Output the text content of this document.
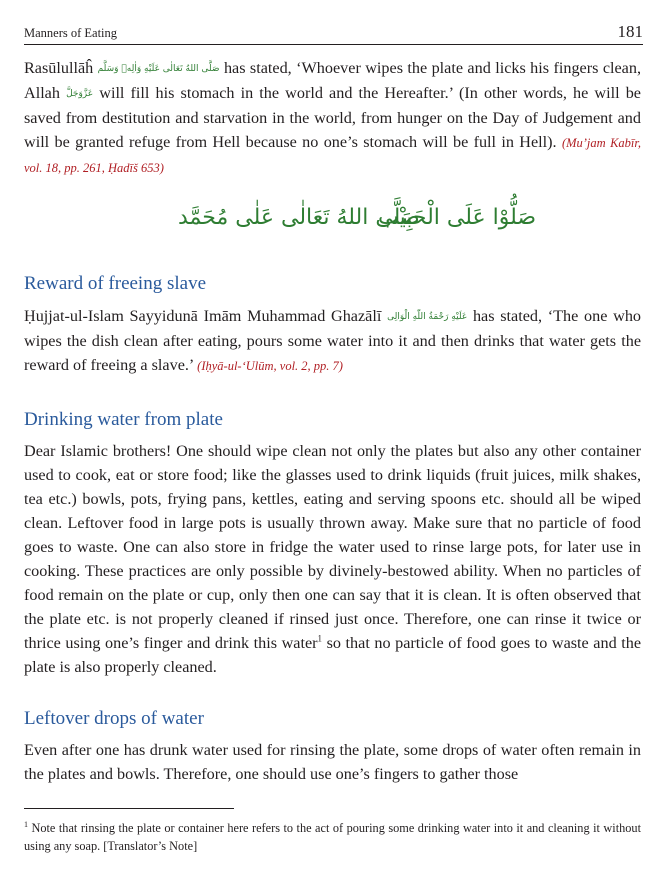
Manners of Eating	181

Rasūlullāĥ صَلَّى اللهُ تَعَالٰى عَلَيْهِ وَاٰلِهٖ وَسَلَّم has stated, ‘Whoever wipes the plate and licks his fingers clean, Allah عَزَّوَجَلَّ will fill his stomach in the world and the Hereafter.’ (In other words, he will be saved from destitution and starvation in the world, from hunger on the Day of Judgement and will be granted refuge from Hell because no one’s stomach will be full in Hell). (Mu’jam Kabīr, vol. 18, pp. 261, Ḥadīš 653)

صَلَّى اللهُ تَعَالٰى عَلٰى مُحَمَّد
صَلُّوْا عَلَى الْحَبِيْب
Reward of freeing slave

Ḥujjat-ul-Islam Sayyidunā Imām Muhammad Ghazālī عَلَيْهِ رَحْمَةُ اللّٰهِ الْوَالِى has stated, ‘The one who wipes the dish clean after eating, pours some water into it and then drinks that water gets the reward of freeing a slave.’ (Iḥyā-ul-‘Ulūm, vol. 2, pp. 7)

Drinking water from plate

Dear Islamic brothers! One should wipe clean not only the plates but also any other container used to cook, eat or store food; like the glasses used to drink liquids (fruit juices, milk shakes, tea etc.) bowls, pots, frying pans, kettles, eating and serving spoons etc. should all be wiped clean. Leftover food in large pots is usually thrown away. Make sure that no particle of food goes to waste. One can also store in fridge the water used to rinse large pots, for later use in cooking. These practices are only possible by divinely-bestowed ability. When no particles of food remain on the plate or cup, only then one can say that it is clean. It is often observed that the plate etc. is not properly cleaned if rinsed just once. Therefore, one can rinse it twice or thrice using one’s finger and drink this water$^1$ so that no particle of food goes to waste and the plate is also properly cleaned.

Leftover drops of water

Even after one has drunk water used for rinsing the plate, some drops of water often remain in the plates and bowls. Therefore, one should use one’s fingers to gather those

$^1$ Note that rinsing the plate or container here refers to the act of pouring some drinking water into it and cleaning it without using any soap. [Translator’s Note]
